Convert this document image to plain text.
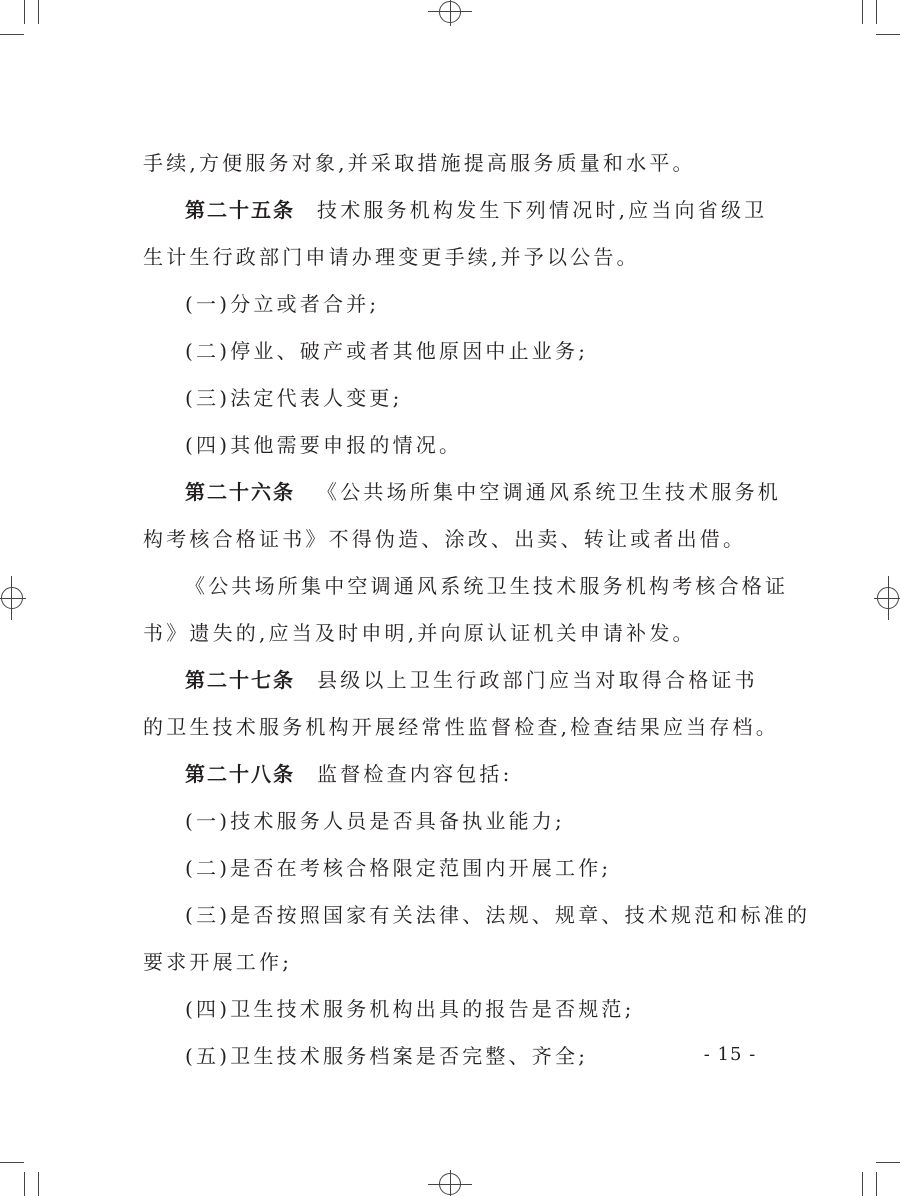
手续,方便服务对象,并采取措施提高服务质量和水平。
第二十五条 技术服务机构发生下列情况时,应当向省级卫
生计生行政部门申请办理变更手续,并予以公告。
(一)分立或者合并;
(二)停业、破产或者其他原因中止业务;
(三)法定代表人变更;
(四)其他需要申报的情况。
第二十六条 《公共场所集中空调通风系统卫生技术服务机
构考核合格证书》不得伪造、涂改、出卖、转让或者出借。
《公共场所集中空调通风系统卫生技术服务机构考核合格证
书》遗失的,应当及时申明,并向原认证机关申请补发。
第二十七条 县级以上卫生行政部门应当对取得合格证书
的卫生技术服务机构开展经常性监督检查,检查结果应当存档。
第二十八条 监督检查内容包括:
(一)技术服务人员是否具备执业能力;
(二)是否在考核合格限定范围内开展工作;
(三)是否按照国家有关法律、法规、规章、技术规范和标准的
要求开展工作;
(四)卫生技术服务机构出具的报告是否规范;
(五)卫生技术服务档案是否完整、齐全;	- 15 -
